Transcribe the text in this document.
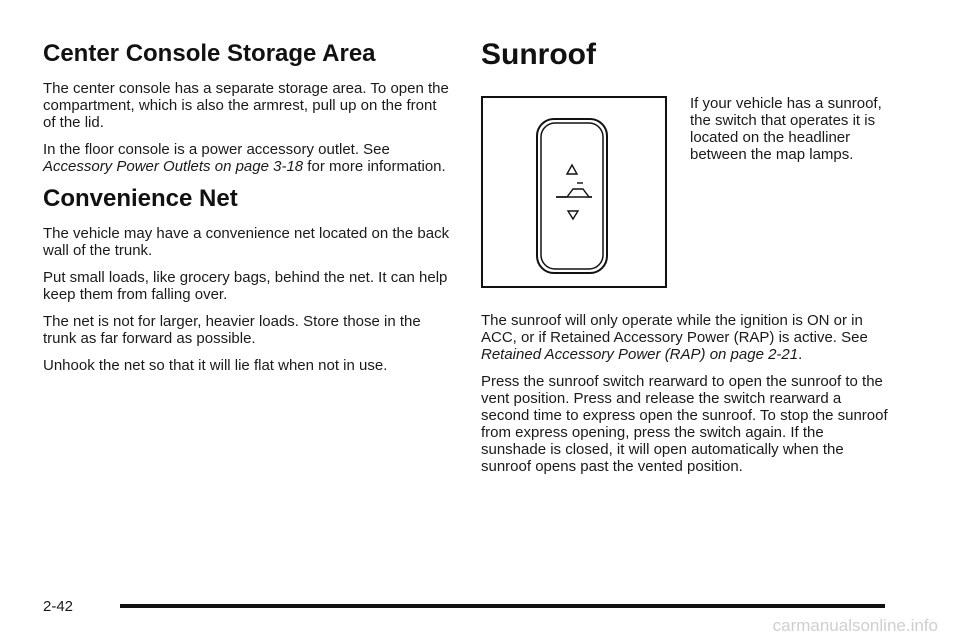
Center Console Storage Area

The center console has a separate storage area. To open the compartment, which is also the armrest, pull up on the front of the lid.

In the floor console is a power accessory outlet. See Accessory Power Outlets on page 3-18 for more information.

Convenience Net

The vehicle may have a convenience net located on the back wall of the trunk.

Put small loads, like grocery bags, behind the net. It can help keep them from falling over.

The net is not for larger, heavier loads. Store those in the trunk as far forward as possible.

Unhook the net so that it will lie flat when not in use.

Sunroof

If your vehicle has a sunroof, the switch that operates it is located on the headliner between the map lamps.

The sunroof will only operate while the ignition is ON or in ACC, or if Retained Accessory Power (RAP) is active. See Retained Accessory Power (RAP) on page 2-21.

Press the sunroof switch rearward to open the sunroof to the vent position. Press and release the switch rearward a second time to express open the sunroof. To stop the sunroof from express opening, press the switch again. If the sunshade is closed, it will open automatically when the sunroof opens past the vented position.

2-42
carmanualsonline.info
